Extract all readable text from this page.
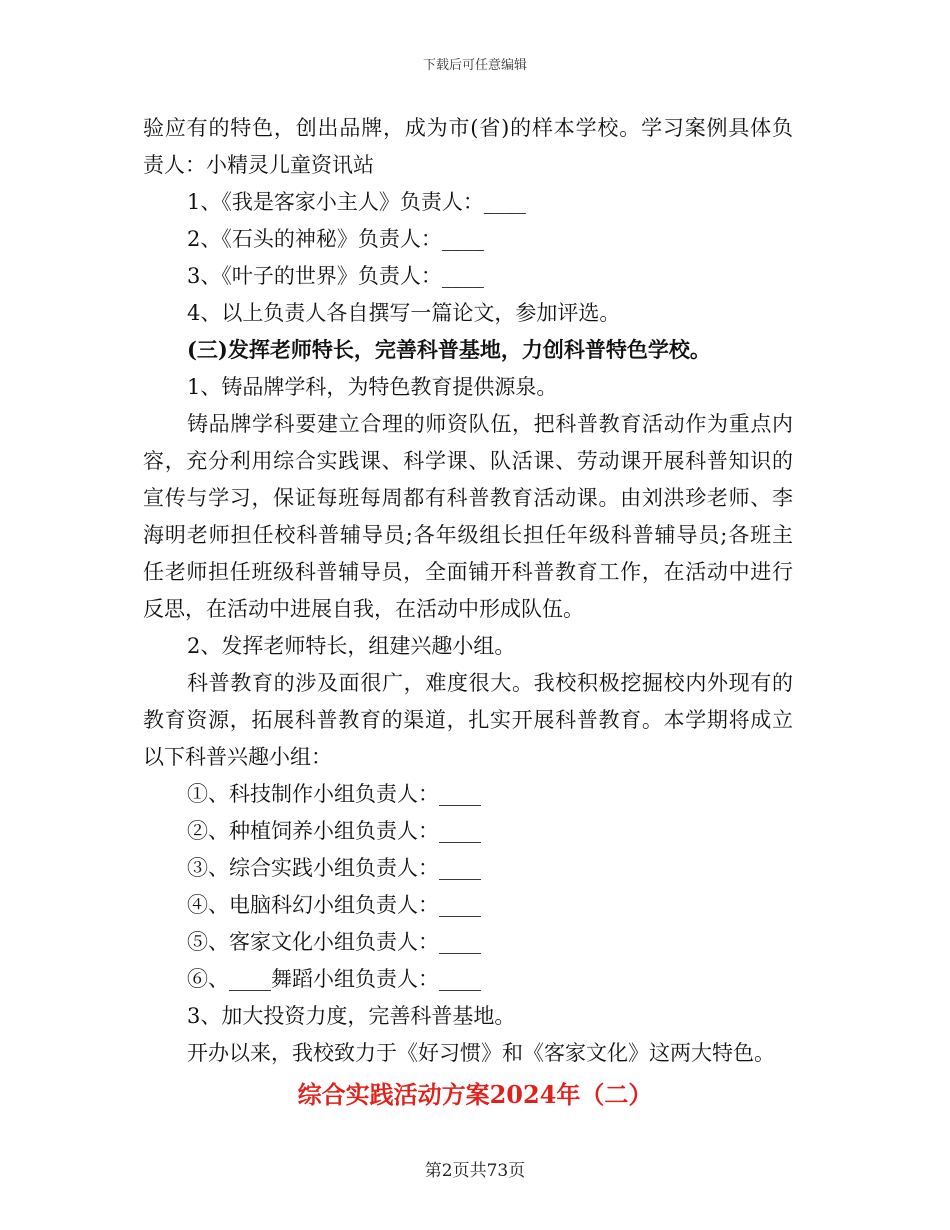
下载后可任意编辑
验应有的特色，创出品牌，成为市(省)的样本学校。学习案例具体负
责人：小精灵儿童资讯站
1、《我是客家小主人》负责人：____
2、《石头的神秘》负责人：____
3、《叶子的世界》负责人：____
4、以上负责人各自撰写一篇论文，参加评选。
(三)发挥老师特长，完善科普基地，力创科普特色学校。
1、铸品牌学科，为特色教育提供源泉。
铸品牌学科要建立合理的师资队伍，把科普教育活动作为重点内
容，充分利用综合实践课、科学课、队活课、劳动课开展科普知识的
宣传与学习，保证每班每周都有科普教育活动课。由刘洪珍老师、李
海明老师担任校科普辅导员;各年级组长担任年级科普辅导员;各班主
任老师担任班级科普辅导员，全面铺开科普教育工作，在活动中进行
反思，在活动中进展自我，在活动中形成队伍。
2、发挥老师特长，组建兴趣小组。
科普教育的涉及面很广，难度很大。我校积极挖掘校内外现有的
教育资源，拓展科普教育的渠道，扎实开展科普教育。本学期将成立
以下科普兴趣小组：
①、科技制作小组负责人：____
②、种植饲养小组负责人：____
③、综合实践小组负责人：____
④、电脑科幻小组负责人：____
⑤、客家文化小组负责人：____
⑥、____舞蹈小组负责人：____
3、加大投资力度，完善科普基地。
开办以来，我校致力于《好习惯》和《客家文化》这两大特色。
综合实践活动方案2024年（二）
第2页共73页
